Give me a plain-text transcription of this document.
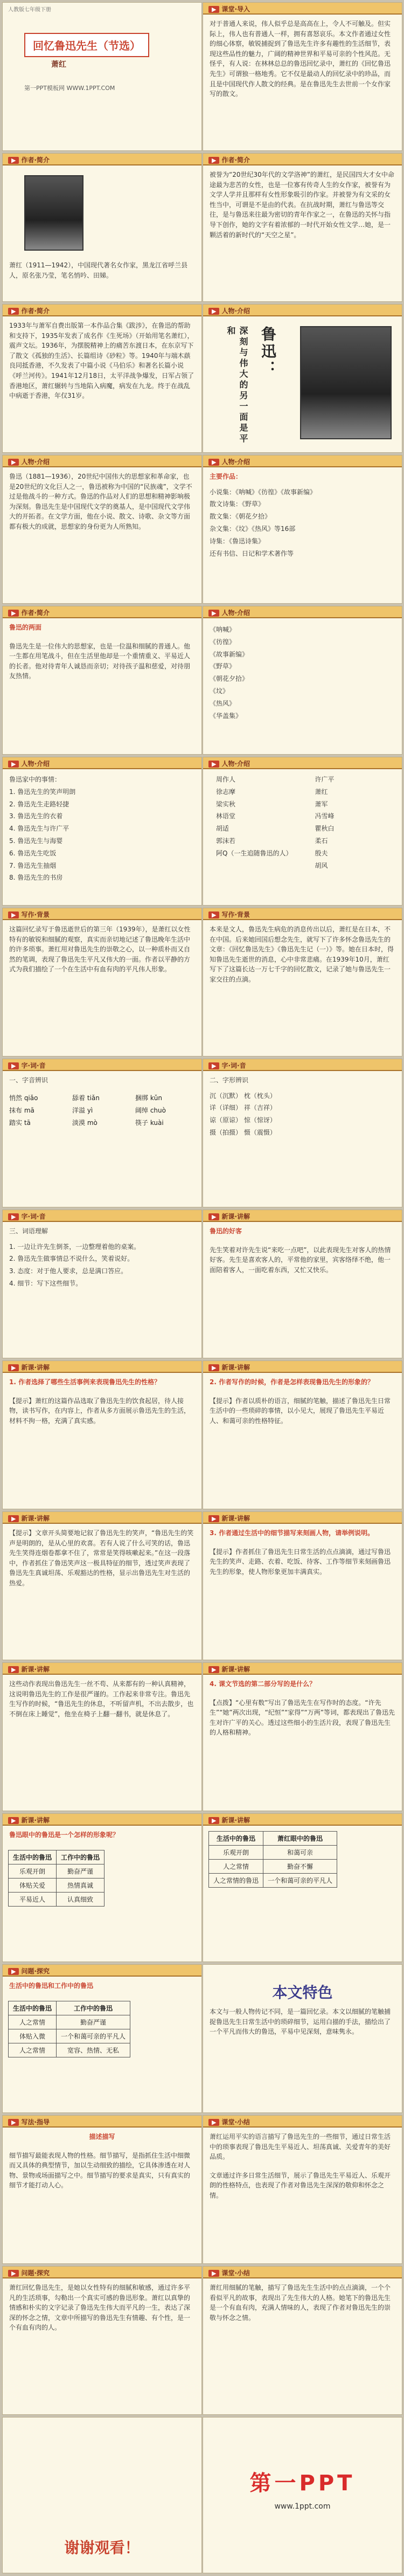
人教版七年级下册
回忆鲁迅先生（节选）
萧红
第一PPT模板网 WWW.1PPT.COM
▶ 课堂·导入
对于普通人来说，伟人似乎总是高高在上，令人不可触及。但实际上，伟人也有普通人一样，拥有喜怒哀乐。本文作者通过女性的细心体察，敏锐捕捉到了鲁迅先生许多有趣性的生活细节，表现这些品性的魅力，广阔的精神世界和平易可亲的个性风范。无怪乎，有人说：在林林总总的鲁迅回忆录中，萧红的《回忆鲁迅先生》可谓独一格地秀。它不仅是最动人的回忆录中的珍品，而且是中国现代作人散文的经典。是在鲁迅先生去世前一个女作家写的散文。
▶ 作者·简介
萧红（1911—1942），中国现代著名女作家，黑龙江省呼兰县人，原名张乃莹，笔名悄吟、田娣。
▶ 作者·简介
被誉为“20世纪30年代的文学洛神”的萧红，是民国四大才女中命途最为悲苦的女性，也是一位寡有传奇人生的女作家，被誉有为文学人学并且那样有女性形象吸引的作家。并被誉为有文采的女性当中，可谓是不是由的代表。在抗战时期，萧红与鲁迅等交往，是与鲁迅来往最为密切的青年作家之一，在鲁迅的关怀与指导下创作，她的文字有着浓郁的一时代开始女性文学…她，是一颗活着的新时代的“天空之星”。
▶ 作者·简介
1933年与萧军自费出版第一本作品合集《跋涉》，在鲁迅的帮助和支持下，1935年发表了成名作《生死场》（开始用笔名萧红），震声文坛。1936年，为摆脱精神上的痛苦东渡日本，在东京写下了散文《孤独的生活》、长篇组诗《砂粒》等。1940年与端木蕻良同抵香港，不久发表了中篇小说《马伯乐》和著名长篇小说《呼兰河传》。1941年12月18日，太平洋战争爆发，日军占领了香港地区，萧红辗转与当地陷入病魔，病发在九龙。终于在战乱中病逝于香港，年仅31岁。
▶ 人物·介绍
鲁迅：
深刻与伟大的另一面是平和
▶ 人物·介绍
鲁迅（1881—1936），20世纪中国伟大的思想家和革命家，也是20世纪的文化巨人之一，鲁迅被称为中国的“民族魂”，文学不过是他战斗的一种方式。鲁迅的作品对人们的思想和精神影响极为深刻。鲁迅先生是中国现代文学的奠基人，是中国现代文学伟大的开拓者。在文学方面，他在小说、散文、诗歌、杂文等方面都有极大的成就，思想家的身份更为人所熟知。
▶ 人物·介绍
主要作品：
小说集：《呐喊》《彷徨》《故事新编》
散文诗集：《野草》
散文集：《朝花夕拾》
杂文集：《坟》《热风》等16部
诗集：《鲁迅诗集》
还有书信、日记和学术著作等
▶ 作者·简介
鲁迅的两面
鲁迅先生是一位伟大的思想家，也是一位温和细腻的普通人。他一生都在用笔战斗，但在生活里他却是一个重情重义、平易近人的长者。他对待青年人诚恳而亲切；对待孩子温和慈爱，对待朋友热情。
▶ 人物·介绍
《呐喊》
《彷徨》
《故事新编》
《野草》
《朝花夕拾》
《坟》
《热风》
《华盖集》
▶ 人物·介绍
鲁迅家中的事情：
1. 鲁迅先生的笑声明朗
2. 鲁迅先生走路轻捷
3. 鲁迅先生的衣着
4. 鲁迅先生与许广平
5. 鲁迅先生与海婴
6. 鲁迅先生吃饭
7. 鲁迅先生抽烟
8. 鲁迅先生的书房
▶ 人物·介绍
周作人
徐志摩
梁实秋
林语堂
胡适
郭沫若
阿Q（一生追随鲁迅的人）
许广平
萧红
萧军
冯雪峰
瞿秋白
柔石
殷夫
胡风
▶ 写作·背景
这篇回忆录写于鲁迅逝世后的第三年（1939年），是萧红以女性特有的敏锐和细腻的观察，真实而亲切地记述了鲁迅晚年生活中的许多琐事。萧红用对鲁迅先生的崇敬之心，以一种质朴而又自然的笔调，表现了鲁迅先生平凡又伟大的一面。作者以平静的方式为我们描绘了一个在生活中有血有肉的平凡伟人形象。
▶ 写作·背景
本来是文人，鲁迅先生病危的消息传出以后，萧红是在日本，不在中国。后来她回国后想念先生，就写下了许多怀念鲁迅先生的文章：《回忆鲁迅先生》《鲁迅先生记（一）》等。她在日本时，得知鲁迅先生逝世的消息，心中非常悲痛。在1939年10月，萧红写下了这篇长达一万七千字的回忆散文，记录了她与鲁迅先生一家交往的点滴。
▶ 字·词·音
一、字音辨识
悄然 qiǎo	舔着 tiǎn	捆绑 kǔn
抹布 mā	洋溢 yì	阔绰 chuò
踏实 tā	淡漠 mò	筷子 kuài
▶ 字·词·音
二、字形辨识
沉（沉默） 枕（枕头）
详（详细） 祥（吉祥）
谅（原谅） 惊（惊讶）
摄（拍摄） 慑（震慑）
▶ 字·词·音
三、词语理解
1. 一边让许先生倒茶，一边整理着他的桌案。
2. 鲁迅先生做事情总不说什么，笑着说好。
3. 态度：对于他人要求，总是满口答应。
4. 细节：写下这些细节。
▶ 新课·讲解
鲁迅的好客
先生笑着对许先生说“来吃一点吧”，以此表现先生对客人的热情好客。先生是喜欢客人的，平常他的家里，宾客络绎不绝，他一面陪着客人，一面吃着东西，又忙又快乐。
▶ 新课·讲解
1. 作者选择了哪些生活事例来表现鲁迅先生的性格？
【提示】萧红的这篇作品选取了鲁迅先生的饮食起居，待人接物，读书写作，在内容上，作者从多方面展示鲁迅先生的生活，材料不拘一格，充满了真实感。
▶ 新课·讲解
2. 作者写作的时候，作者是怎样表现鲁迅先生的形象的？
【提示】作者以质朴的语言，细腻的笔触，描述了鲁迅先生日常生活中的一些琐碎的事情，以小见大，展现了鲁迅先生平易近人、和蔼可亲的性格特征。
▶ 新课·讲解
【提示】文章开头简要地记叙了鲁迅先生的笑声，“鲁迅先生的笑声是明朗的，是从心里的欢喜。若有人说了什么可笑的话，鲁迅先生笑得连烟卷都拿不住了，常常是笑得咳嗽起来。”在这一段落中，作者抓住了鲁迅笑声这一极具特征的细节，透过笑声表现了鲁迅先生真诚坦荡、乐观豁达的性格，显示出鲁迅先生对生活的热爱。
▶ 新课·讲解
3. 作者通过生活中的细节描写来刻画人物，请举例说明。
【提示】作者抓住了鲁迅先生日常生活的点点滴滴，通过写鲁迅先生的笑声、走路、衣着、吃饭、待客、工作等细节来刻画鲁迅先生的形象，使人物形象更加丰满真实。
▶ 新课·讲解
这些动作表现出鲁迅先生一丝不苟、从来都有的一种认真精神，这说明鲁迅先生的工作是很严谨的。工作起来非常专注。鲁迅先生写作的时候，“鲁迅先生的休息，不听留声机，不出去散步，也不倒在床上睡觉”，他坐在椅子上翻一翻书，就是休息了。
▶ 新课·讲解
4. 课文节选的第二部分写的是什么？
【点拨】“心里有数”写出了鲁迅先生在写作时的态度。“许先生”“她”两次出现，“纪恒”“家得”“万两”等词，都表现出了鲁迅先生对许广平的关心。透过这些细小的生活片段，表现了鲁迅先生的人格和精神。
▶ 新课·讲解
鲁迅眼中的鲁迅是一个怎样的形象呢？
生活中的鲁迅	工作中的鲁迅
乐观开朗	勤奋严谨
体贴关爱	热情真诚
平易近人	认真细致
▶ 新课·讲解
生活中的鲁迅	萧红眼中的鲁迅
乐观开朗	和蔼可亲
人之常情	勤奋不懈
人之常情的鲁迅	一个和蔼可亲的平凡人
▶ 问题·探究
生活中的鲁迅和工作中的鲁迅
生活中的鲁迅	工作中的鲁迅
人之常情	勤奋严谨
体贴入微	一个和蔼可亲的平凡人
人之常情	宽容、热情、无私
本文特色
本文与一般人物传记不同，是一篇回忆录。本文以细腻的笔触捕捉鲁迅先生日常生活中的琐碎细节，运用白描的手法，描绘出了一个平凡而伟大的鲁迅，平易中见深刻，意味隽永。
▶ 写法·指导
描述描写
细节描写最能表现人物的性格。细节描写，是指抓住生活中细微而又具体的典型情节，加以生动细致的描绘，它具体渗透在对人物、景物或场面描写之中。细节描写的要求是真实，只有真实的细节才能打动人心。
▶ 课堂·小结
萧红运用平实的语言描写了鲁迅先生的一些细节，通过日常生活中的琐事表现了鲁迅先生平易近人、坦荡真诚、关爱青年的美好品质。
文章通过许多日常生活细节，展示了鲁迅先生平易近人、乐观开朗的性格特点，也表现了作者对鲁迅先生深深的敬仰和怀念之情。
▶ 问题·探究
萧红回忆鲁迅先生，是她以女性特有的细腻和敏感，通过许多平凡的生活琐事，勾勒出一个真实可感的鲁迅形象。萧红以真挚的情感和朴实的文字记录了鲁迅先生伟大而平凡的一生，表达了深深的怀念之情，文章中所描写的鲁迅先生有情趣、有个性，是一个有血有肉的人。
▶ 课堂·小结
萧红用细腻的笔触，描写了鲁迅先生生活中的点点滴滴，一个个看似平凡的故事，表现出了先生伟大的人格。她笔下的鲁迅先生是一个有血有肉，充满人情味的人，表现了作者对鲁迅先生的崇敬与怀念之情。
谢谢观看！
第一PPT
www.1ppt.com
